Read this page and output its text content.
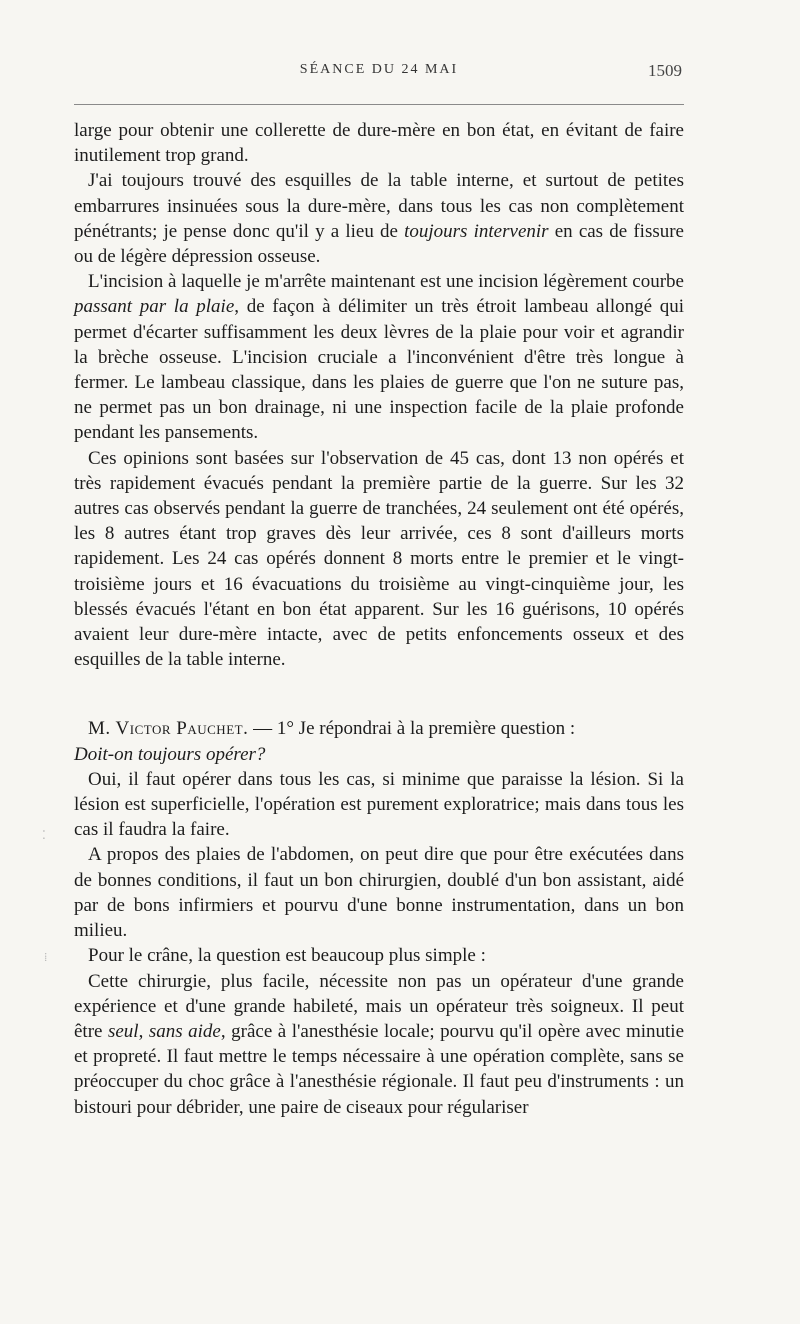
SÉANCE DU 24 MAI	1509
⁚
⁞

large pour obtenir une collerette de dure-mère en bon état, en évitant de faire inutilement trop grand.

J'ai toujours trouvé des esquilles de la table interne, et surtout de petites embarrures insinuées sous la dure-mère, dans tous les cas non complètement pénétrants; je pense donc qu'il y a lieu de toujours intervenir en cas de fissure ou de légère dépression osseuse.

L'incision à laquelle je m'arrête maintenant est une incision légèrement courbe passant par la plaie, de façon à délimiter un très étroit lambeau allongé qui permet d'écarter suffisamment les deux lèvres de la plaie pour voir et agrandir la brèche osseuse. L'incision cruciale a l'inconvénient d'être très longue à fermer. Le lambeau classique, dans les plaies de guerre que l'on ne suture pas, ne permet pas un bon drainage, ni une inspection facile de la plaie profonde pendant les pansements.

Ces opinions sont basées sur l'observation de 45 cas, dont 13 non opérés et très rapidement évacués pendant la première partie de la guerre. Sur les 32 autres cas observés pendant la guerre de tranchées, 24 seulement ont été opérés, les 8 autres étant trop graves dès leur arrivée, ces 8 sont d'ailleurs morts rapidement. Les 24 cas opérés donnent 8 morts entre le premier et le vingt-troisième jours et 16 évacuations du troisième au vingt-cinquième jour, les blessés évacués l'étant en bon état apparent. Sur les 16 guérisons, 10 opérés avaient leur dure-mère intacte, avec de petits enfoncements osseux et des esquilles de la table interne.

M. Victor Pauchet. — 1° Je répondrai à la première question :
Doit-on toujours opérer?

Oui, il faut opérer dans tous les cas, si minime que paraisse la lésion. Si la lésion est superficielle, l'opération est purement exploratrice; mais dans tous les cas il faudra la faire.

A propos des plaies de l'abdomen, on peut dire que pour être exécutées dans de bonnes conditions, il faut un bon chirurgien, doublé d'un bon assistant, aidé par de bons infirmiers et pourvu d'une bonne instrumentation, dans un bon milieu.

Pour le crâne, la question est beaucoup plus simple :

Cette chirurgie, plus facile, nécessite non pas un opérateur d'une grande expérience et d'une grande habileté, mais un opérateur très soigneux. Il peut être seul, sans aide, grâce à l'anesthésie locale; pourvu qu'il opère avec minutie et propreté. Il faut mettre le temps nécessaire à une opération complète, sans se préoccuper du choc grâce à l'anesthésie régionale. Il faut peu d'instruments : un bistouri pour débrider, une paire de ciseaux pour régulariser
